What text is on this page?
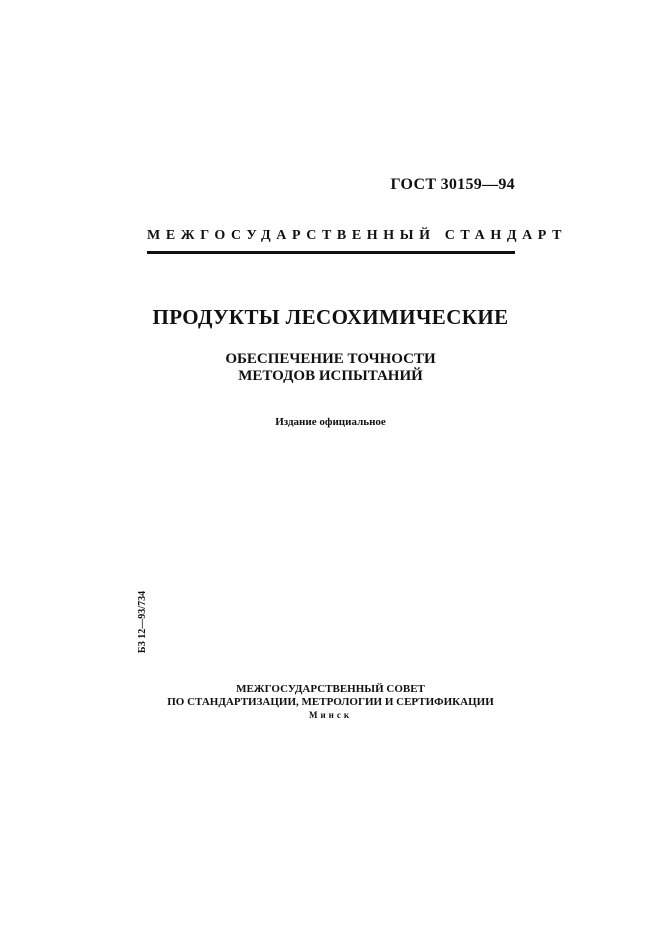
ГОСТ 30159—94
МЕЖГОСУДАРСТВЕННЫЙ СТАНДАРТ
ПРОДУКТЫ ЛЕСОХИМИЧЕСКИЕ
ОБЕСПЕЧЕНИЕ ТОЧНОСТИ
МЕТОДОВ ИСПЫТАНИЙ
Издание официальное
БЗ 12—93/734
МЕЖГОСУДАРСТВЕННЫЙ СОВЕТ
ПО СТАНДАРТИЗАЦИИ, МЕТРОЛОГИИ И СЕРТИФИКАЦИИ
Минск
